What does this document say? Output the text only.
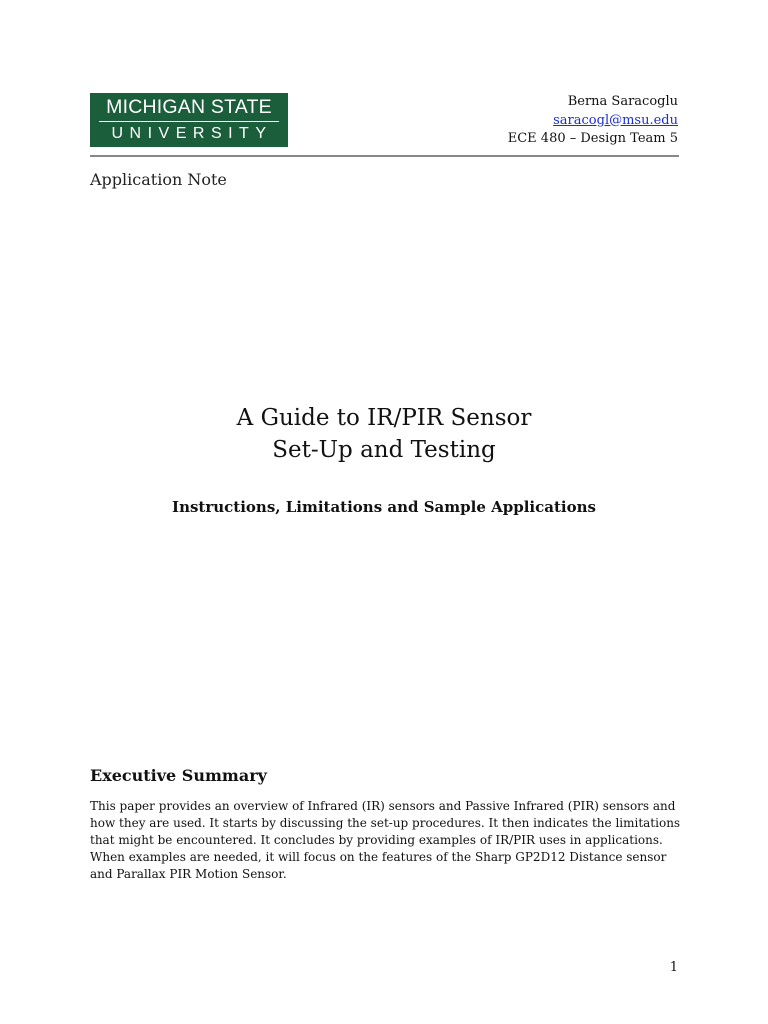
MICHIGAN STATE
UNIVERSITY
Berna Saracoglu
saracogl@msu.edu
ECE 480 – Design Team 5
Application Note
A Guide to IR/PIR Sensor
Set-Up and Testing
Instructions, Limitations and Sample Applications
Executive Summary
This paper provides an overview of Infrared (IR) sensors and Passive Infrared (PIR) sensors and how they are used. It starts by discussing the set-up procedures. It then indicates the limitations that might be encountered. It concludes by providing examples of IR/PIR uses in applications. When examples are needed, it will focus on the features of the Sharp GP2D12 Distance sensor and Parallax PIR Motion Sensor.
1
